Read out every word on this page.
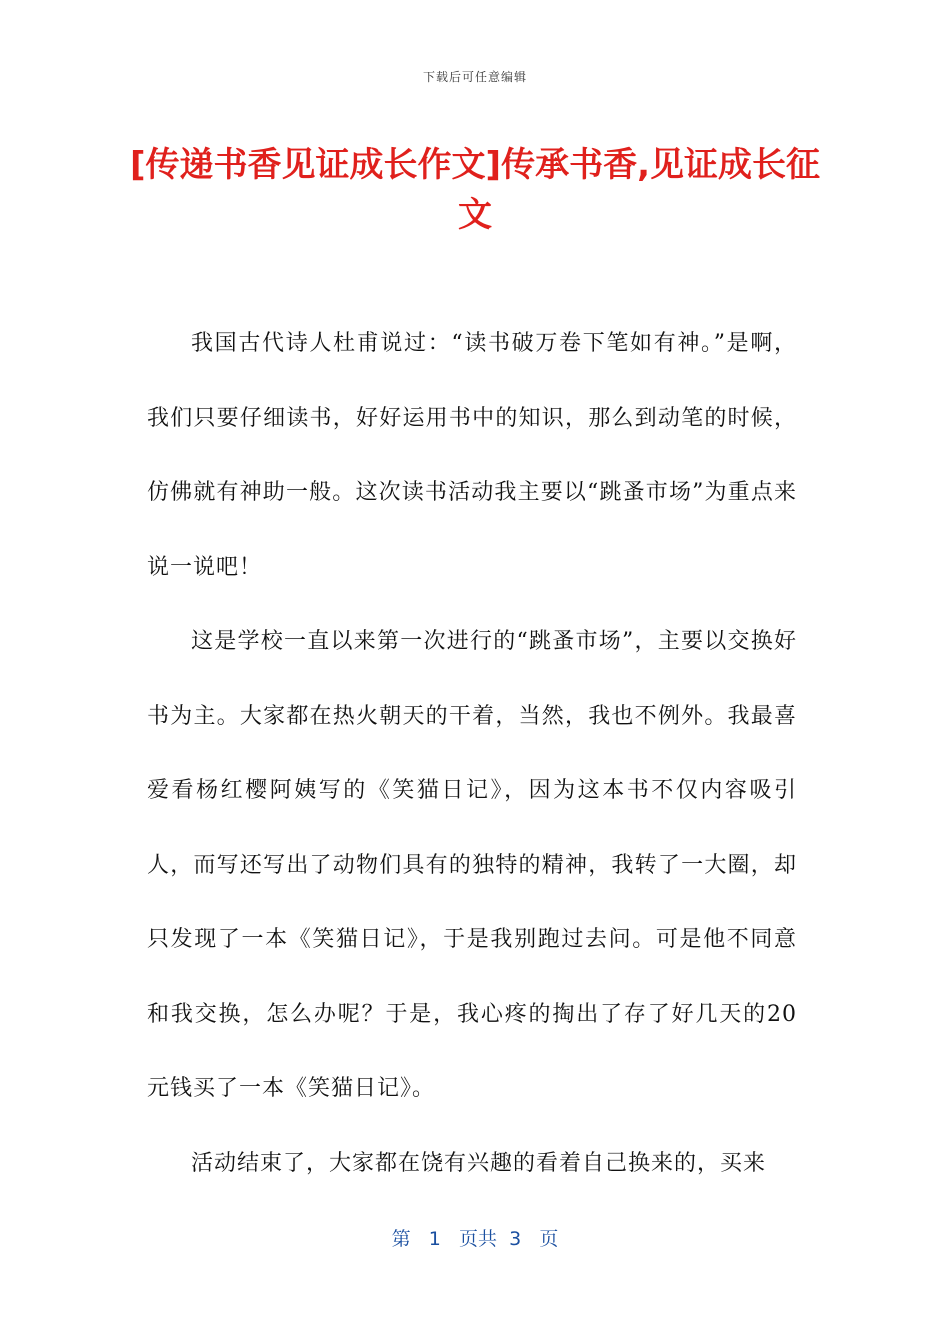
下载后可任意编辑
[传递书香见证成长作文]传承书香,见证成长征文

我国古代诗人杜甫说过：“读书破万卷下笔如有神。”是啊，我们只要仔细读书，好好运用书中的知识，那么到动笔的时候，仿佛就有神助一般。这次读书活动我主要以“跳蚤市场”为重点来说一说吧！

这是学校一直以来第一次进行的“跳蚤市场”，主要以交换好书为主。大家都在热火朝天的干着，当然，我也不例外。我最喜爱看杨红樱阿姨写的《笑猫日记》，因为这本书不仅内容吸引人，而写还写出了动物们具有的独特的精神，我转了一大圈，却只发现了一本《笑猫日记》，于是我别跑过去问。可是他不同意和我交换，怎么办呢？于是，我心疼的掏出了存了好几天的20元钱买了一本《笑猫日记》。

活动结束了，大家都在饶有兴趣的看着自己换来的，买来

第 1 页共 3 页
